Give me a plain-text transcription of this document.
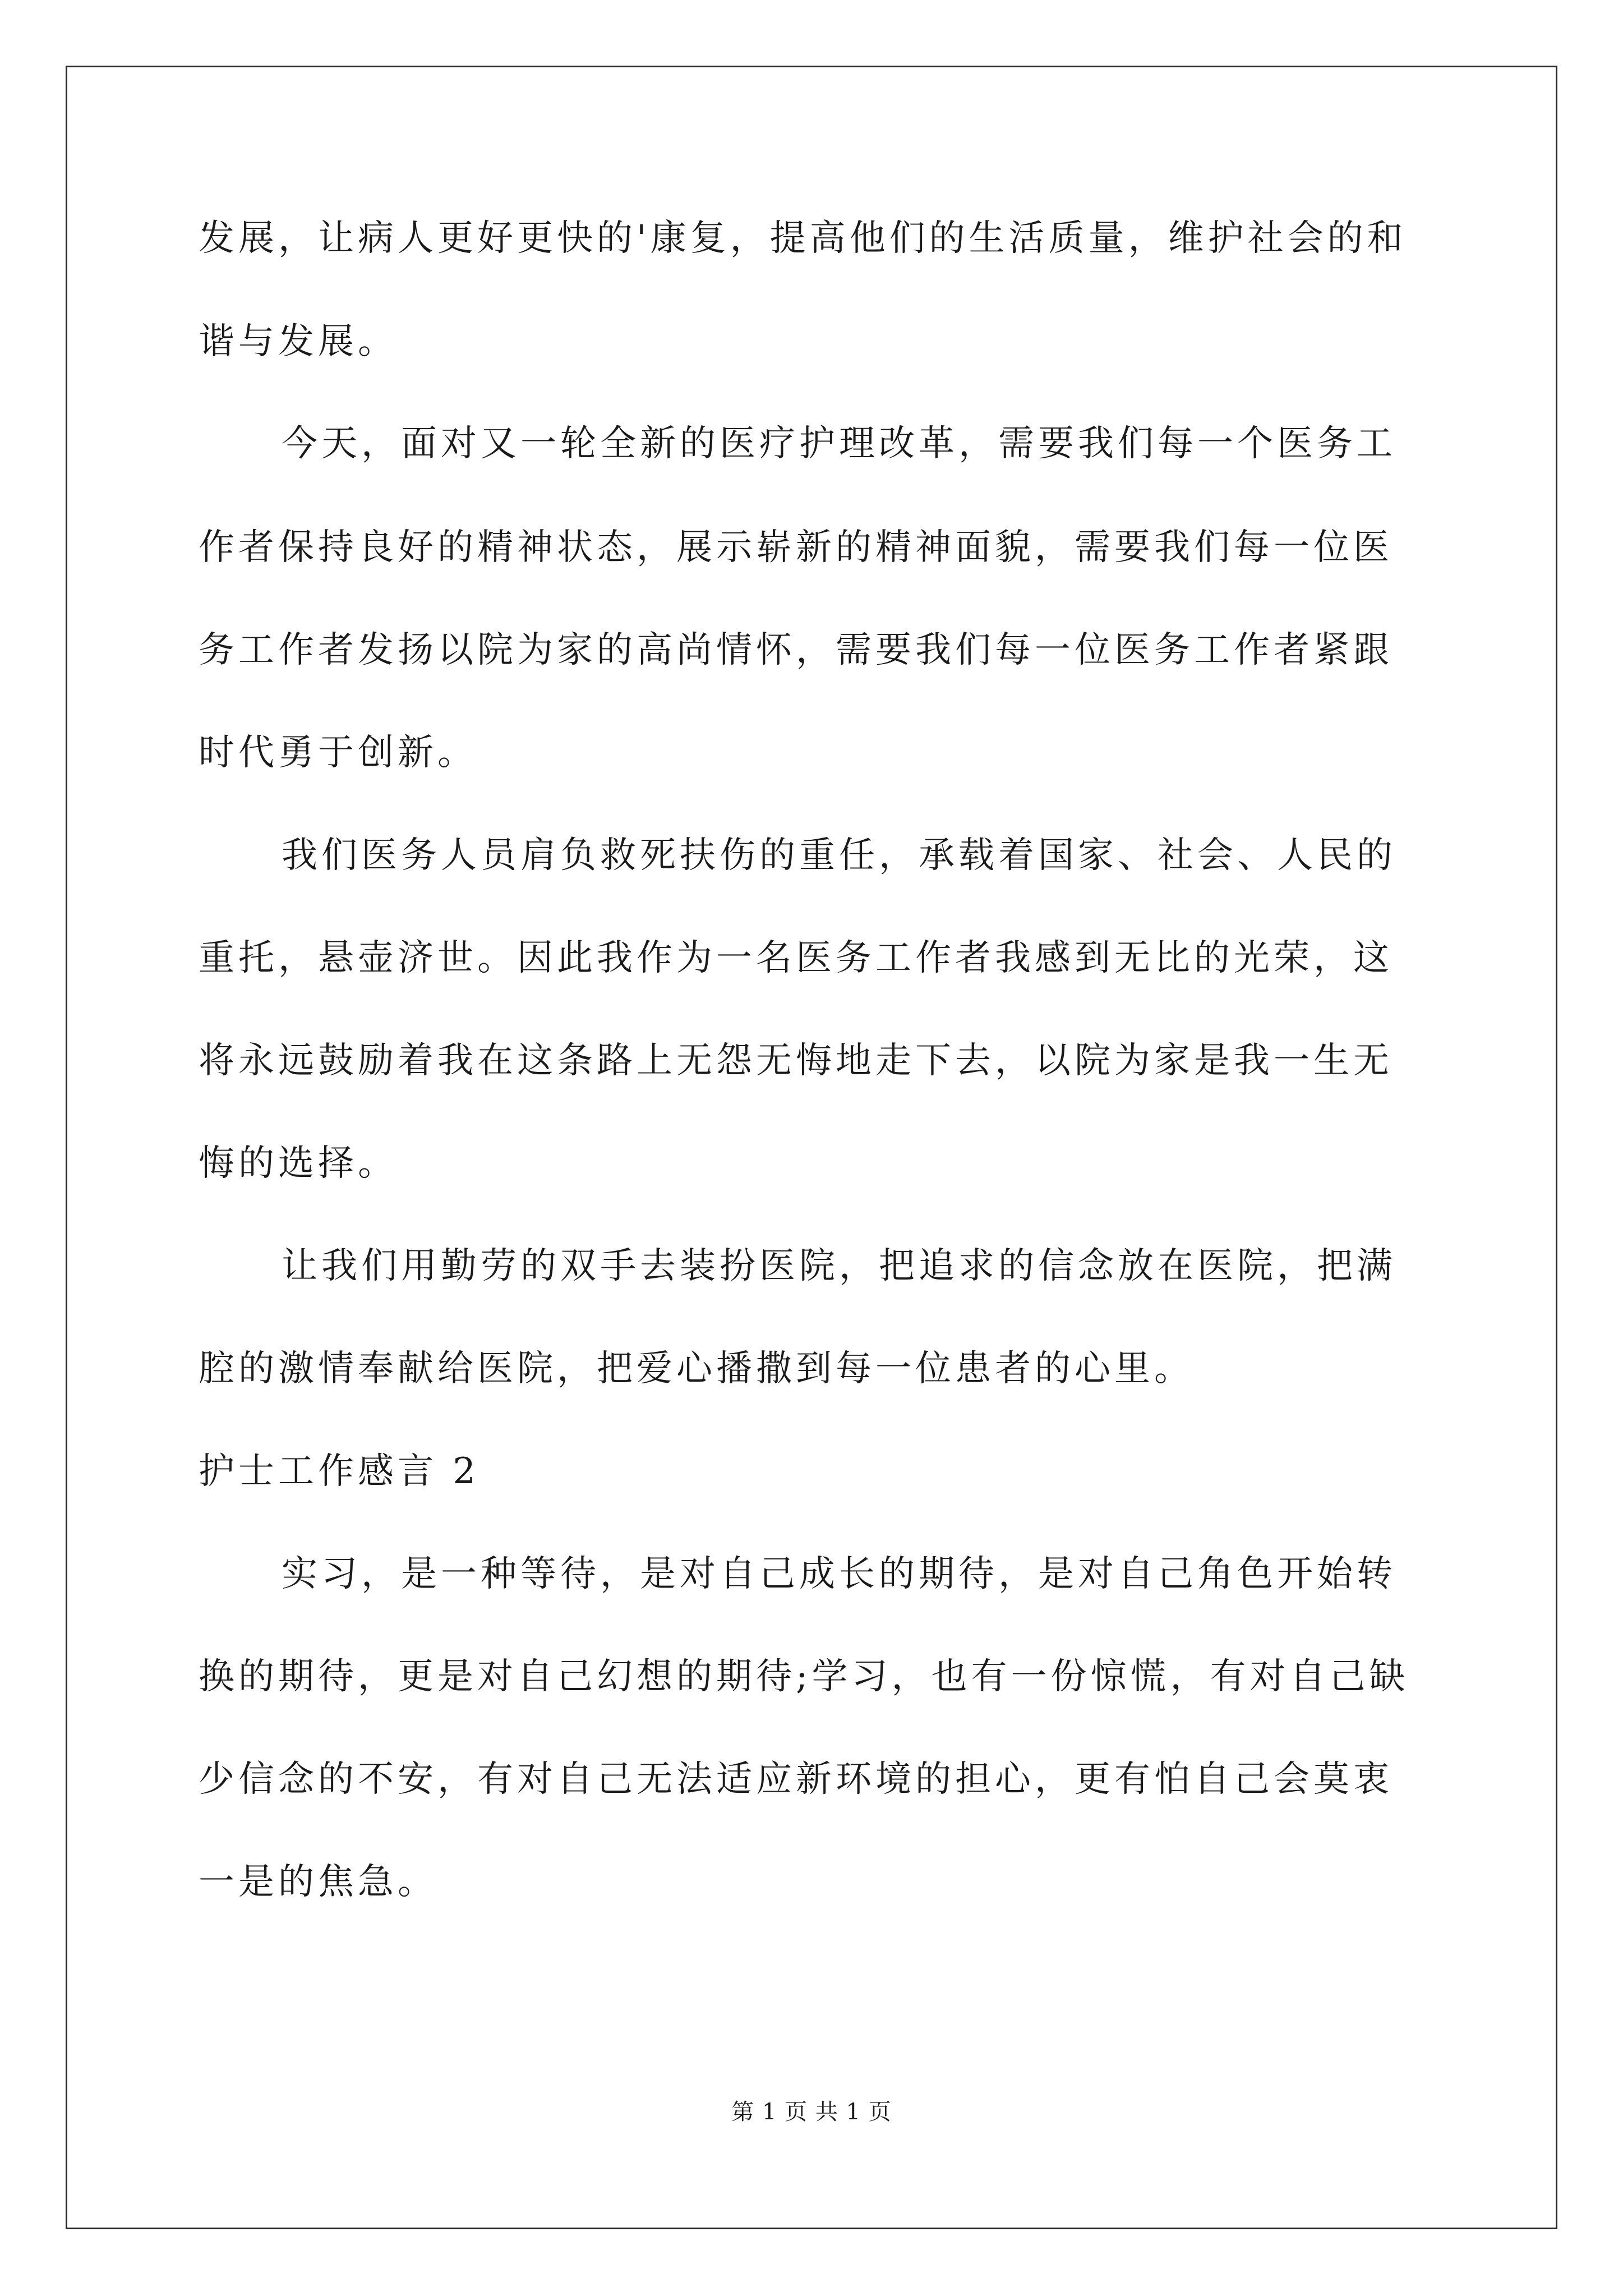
发展，让病人更好更快的'康复，提高他们的生活质量，维护社会的和
谐与发展。
今天，面对又一轮全新的医疗护理改革，需要我们每一个医务工
作者保持良好的精神状态，展示崭新的精神面貌，需要我们每一位医
务工作者发扬以院为家的高尚情怀，需要我们每一位医务工作者紧跟
时代勇于创新。
我们医务人员肩负救死扶伤的重任，承载着国家、社会、人民的
重托，悬壶济世。因此我作为一名医务工作者我感到无比的光荣，这
将永远鼓励着我在这条路上无怨无悔地走下去，以院为家是我一生无
悔的选择。
让我们用勤劳的双手去装扮医院，把追求的信念放在医院，把满
腔的激情奉献给医院，把爱心播撒到每一位患者的心里。
护士工作感言 2
实习，是一种等待，是对自己成长的期待，是对自己角色开始转
换的期待，更是对自己幻想的期待;学习，也有一份惊慌，有对自己缺
少信念的不安，有对自己无法适应新环境的担心，更有怕自己会莫衷
一是的焦急。
第 1 页 共 1 页
